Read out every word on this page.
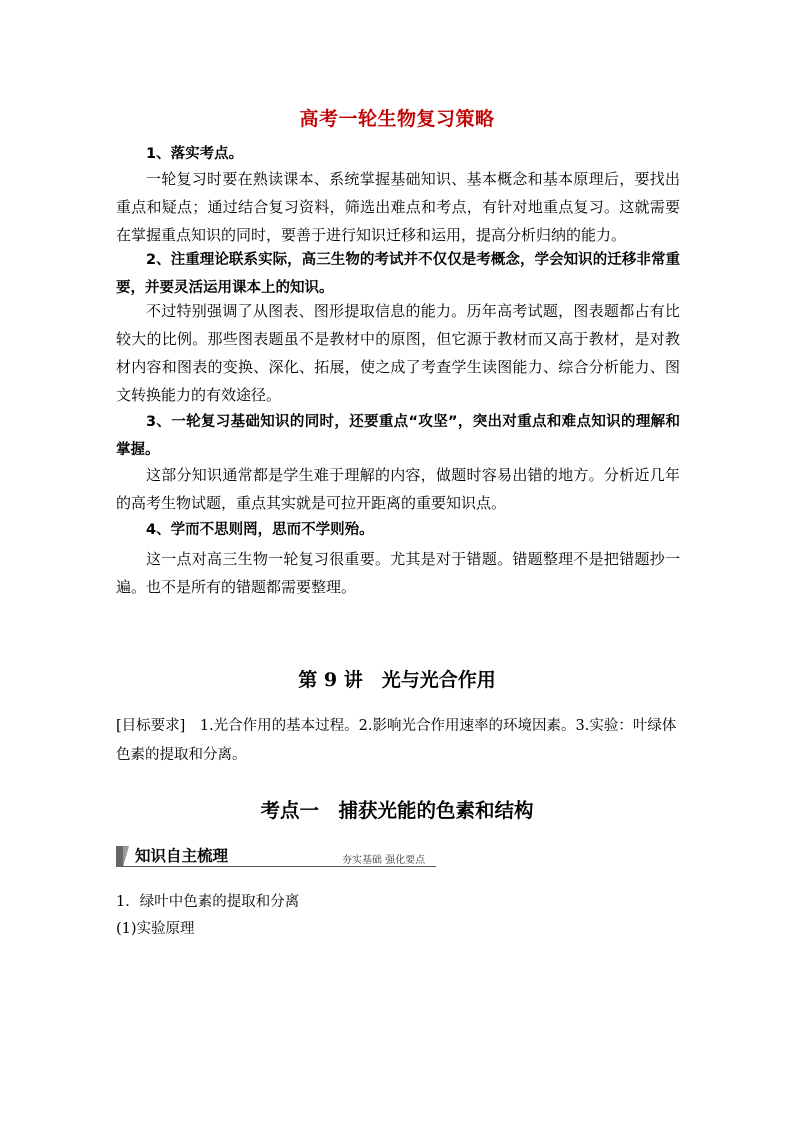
高考一轮生物复习策略
1、落实考点。
一轮复习时要在熟读课本、系统掌握基础知识、基本概念和基本原理后，要找出重点和疑点；通过结合复习资料，筛选出难点和考点，有针对地重点复习。这就需要在掌握重点知识的同时，要善于进行知识迁移和运用，提高分析归纳的能力。
2、注重理论联系实际，高三生物的考试并不仅仅是考概念，学会知识的迁移非常重要，并要灵活运用课本上的知识。
不过特别强调了从图表、图形提取信息的能力。历年高考试题，图表题都占有比较大的比例。那些图表题虽不是教材中的原图，但它源于教材而又高于教材，是对教材内容和图表的变换、深化、拓展，使之成了考查学生读图能力、综合分析能力、图文转换能力的有效途径。
3、一轮复习基础知识的同时，还要重点“攻坚”，突出对重点和难点知识的理解和掌握。
这部分知识通常都是学生难于理解的内容，做题时容易出错的地方。分析近几年的高考生物试题，重点其实就是可拉开距离的重要知识点。
4、学而不思则罔，思而不学则殆。
这一点对高三生物一轮复习很重要。尤其是对于错题。错题整理不是把错题抄一遍。也不是所有的错题都需要整理。
第 9 讲　光与光合作用
[目标要求]　1.光合作用的基本过程。2.影响光合作用速率的环境因素。3.实验：叶绿体色素的提取和分离。
考点一　捕获光能的色素和结构
知识自主梳理	夯实基础 强化要点
1．绿叶中色素的提取和分离
(1)实验原理
